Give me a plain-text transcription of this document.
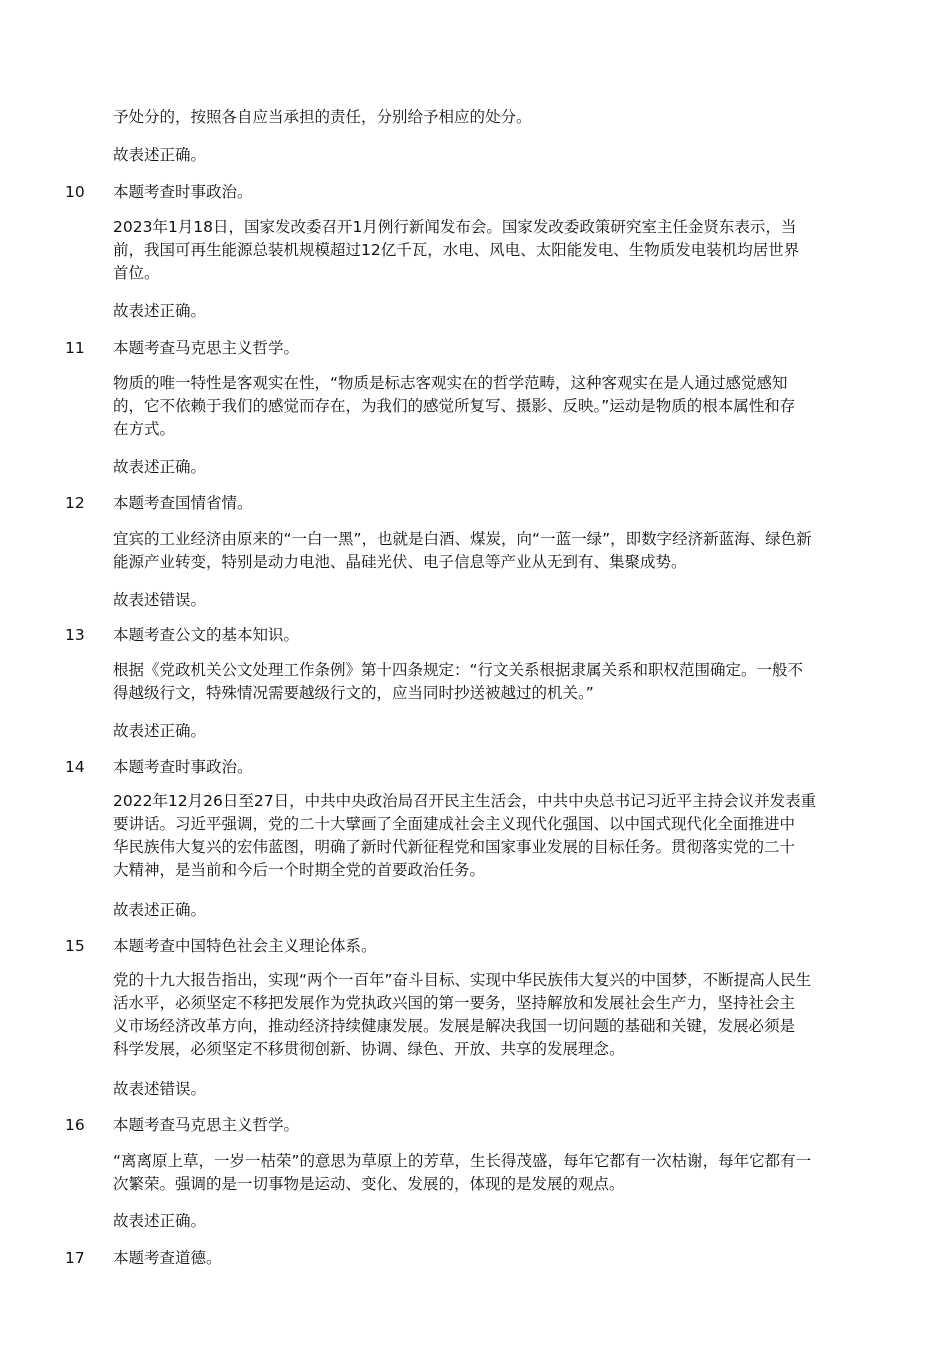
予处分的，按照各自应当承担的责任，分别给予相应的处分。

故表述正确。

10 本题考查时事政治。

2023年1月18日，国家发改委召开1月例行新闻发布会。国家发改委政策研究室主任金贤东表示，当
前，我国可再生能源总装机规模超过12亿千瓦，水电、风电、太阳能发电、生物质发电装机均居世界
首位。

故表述正确。

11 本题考查马克思主义哲学。

物质的唯一特性是客观实在性，“物质是标志客观实在的哲学范畴，这种客观实在是人通过感觉感知
的，它不依赖于我们的感觉而存在，为我们的感觉所复写、摄影、反映。”运动是物质的根本属性和存
在方式。

故表述正确。

12 本题考查国情省情。

宜宾的工业经济由原来的“一白一黑”，也就是白酒、煤炭，向“一蓝一绿”，即数字经济新蓝海、绿色新
能源产业转变，特别是动力电池、晶硅光伏、电子信息等产业从无到有、集聚成势。

故表述错误。

13 本题考查公文的基本知识。

根据《党政机关公文处理工作条例》第十四条规定：“行文关系根据隶属关系和职权范围确定。一般不
得越级行文，特殊情况需要越级行文的，应当同时抄送被越过的机关。”

故表述正确。

14 本题考查时事政治。

2022年12月26日至27日，中共中央政治局召开民主生活会，中共中央总书记习近平主持会议并发表重
要讲话。习近平强调，党的二十大擘画了全面建成社会主义现代化强国、以中国式现代化全面推进中
华民族伟大复兴的宏伟蓝图，明确了新时代新征程党和国家事业发展的目标任务。贯彻落实党的二十
大精神，是当前和今后一个时期全党的首要政治任务。

故表述正确。

15 本题考查中国特色社会主义理论体系。

党的十九大报告指出，实现“两个一百年”奋斗目标、实现中华民族伟大复兴的中国梦，不断提高人民生
活水平，必须坚定不移把发展作为党执政兴国的第一要务，坚持解放和发展社会生产力，坚持社会主
义市场经济改革方向，推动经济持续健康发展。发展是解决我国一切问题的基础和关键，发展必须是
科学发展，必须坚定不移贯彻创新、协调、绿色、开放、共享的发展理念。

故表述错误。

16 本题考查马克思主义哲学。

“离离原上草，一岁一枯荣”的意思为草原上的芳草，生长得茂盛，每年它都有一次枯谢，每年它都有一
次繁荣。强调的是一切事物是运动、变化、发展的，体现的是发展的观点。

故表述正确。

17 本题考查道德。
